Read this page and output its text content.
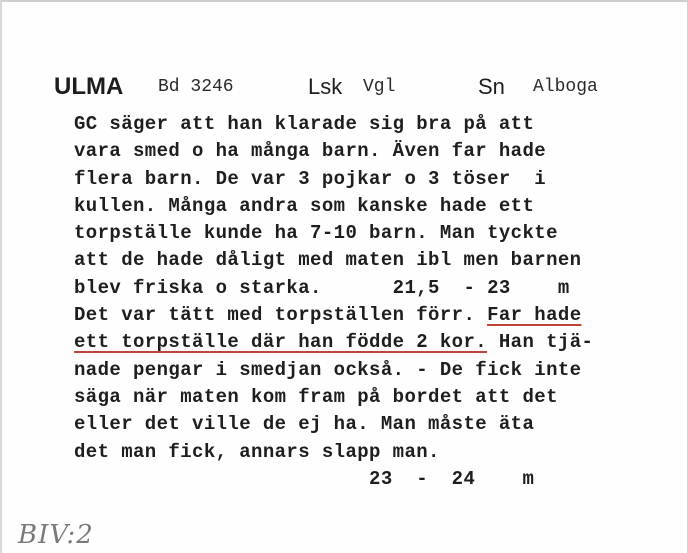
ULMA Bd 3246	Lsk Vgl	Sn Alboga
GC säger att han klarade sig bra på att
vara smed o ha många barn. Även far hade
flera barn. De var 3 pojkar o 3 töser  i
kullen. Många andra som kanske hade ett
torpställe kunde ha 7-10 barn. Man tyckte
att de hade dåligt med maten ibl men barnen
blev friska o starka.      21,5  - 23    m
Det var tätt med torpställen förr. Far hade
ett torpställe där han födde 2 kor. Han tjä-
nade pengar i smedjan också. - De fick inte
säga när maten kom fram på bordet att det
eller det ville de ej ha. Man måste äta
det man fick, annars slapp man.
23  -  24    m
BIV:2
